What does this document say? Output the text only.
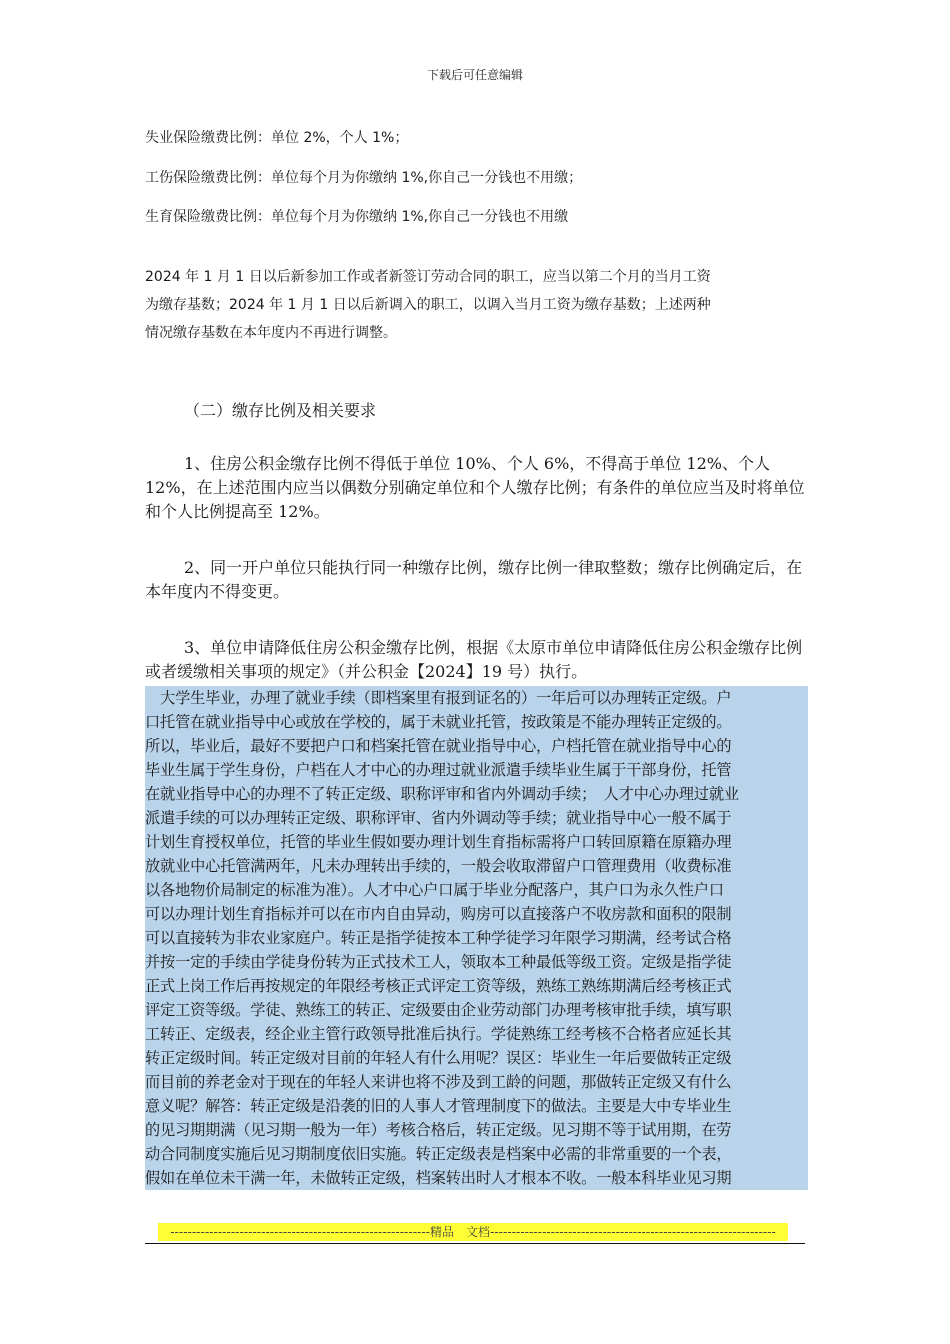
下载后可任意编辑
失业保险缴费比例：单位 2%，个人 1%；
工伤保险缴费比例：单位每个月为你缴纳 1%,你自己一分钱也不用缴；
生育保险缴费比例：单位每个月为你缴纳 1%,你自己一分钱也不用缴
2024 年 1 月 1 日以后新参加工作或者新签订劳动合同的职工，应当以第二个月的当月工资
为缴存基数；2024 年 1 月 1 日以后新调入的职工，以调入当月工资为缴存基数；上述两种
情况缴存基数在本年度内不再进行调整。
（二）缴存比例及相关要求
1、住房公积金缴存比例不得低于单位 10%、个人 6%，不得高于单位 12%、个人 12%，在上述范围内应当以偶数分别确定单位和个人缴存比例；有条件的单位应当及时将单位和个人比例提高至 12%。
2、同一开户单位只能执行同一种缴存比例，缴存比例一律取整数；缴存比例确定后，在本年度内不得变更。
3、单位申请降低住房公积金缴存比例，根据《太原市单位申请降低住房公积金缴存比例或者缓缴相关事项的规定》（并公积金【2024】19 号）执行。
　大学生毕业，办理了就业手续（即档案里有报到证名的）一年后可以办理转正定级。户
口托管在就业指导中心或放在学校的，属于未就业托管，按政策是不能办理转正定级的。
所以，毕业后，最好不要把户口和档案托管在就业指导中心，户档托管在就业指导中心的
毕业生属于学生身份，户档在人才中心的办理过就业派遣手续毕业生属于干部身份，托管
在就业指导中心的办理不了转正定级、职称评审和省内外调动手续；　人才中心办理过就业
派遣手续的可以办理转正定级、职称评审、省内外调动等手续；就业指导中心一般不属于
计划生育授权单位，托管的毕业生假如要办理计划生育指标需将户口转回原籍在原籍办理
放就业中心托管满两年，凡未办理转出手续的，一般会收取滞留户口管理费用（收费标准
以各地物价局制定的标准为准）。人才中心户口属于毕业分配落户，其户口为永久性户口
可以办理计划生育指标并可以在市内自由异动，购房可以直接落户不收房款和面积的限制
可以直接转为非农业家庭户。转正是指学徒按本工种学徒学习年限学习期满，经考试合格
并按一定的手续由学徒身份转为正式技术工人，领取本工种最低等级工资。定级是指学徒
正式上岗工作后再按规定的年限经考核正式评定工资等级，熟练工熟练期满后经考核正式
评定工资等级。学徒、熟练工的转正、定级要由企业劳动部门办理考核审批手续，填写职
工转正、定级表，经企业主管行政领导批准后执行。学徒熟练工经考核不合格者应延长其
转正定级时间。转正定级对目前的年轻人有什么用呢？误区：毕业生一年后要做转正定级
而目前的养老金对于现在的年轻人来讲也将不涉及到工龄的问题，那做转正定级又有什么
意义呢？解答：转正定级是沿袭的旧的人事人才管理制度下的做法。主要是大中专毕业生
的见习期期满（见习期一般为一年）考核合格后，转正定级。见习期不等于试用期，在劳
动合同制度实施后见习期制度依旧实施。转正定级表是档案中必需的非常重要的一个表，
假如在单位未干满一年，未做转正定级，档案转出时人才根本不收。一般本科毕业见习期
------------------------------------------------------------精品　文档------------------------------------------------------------------
